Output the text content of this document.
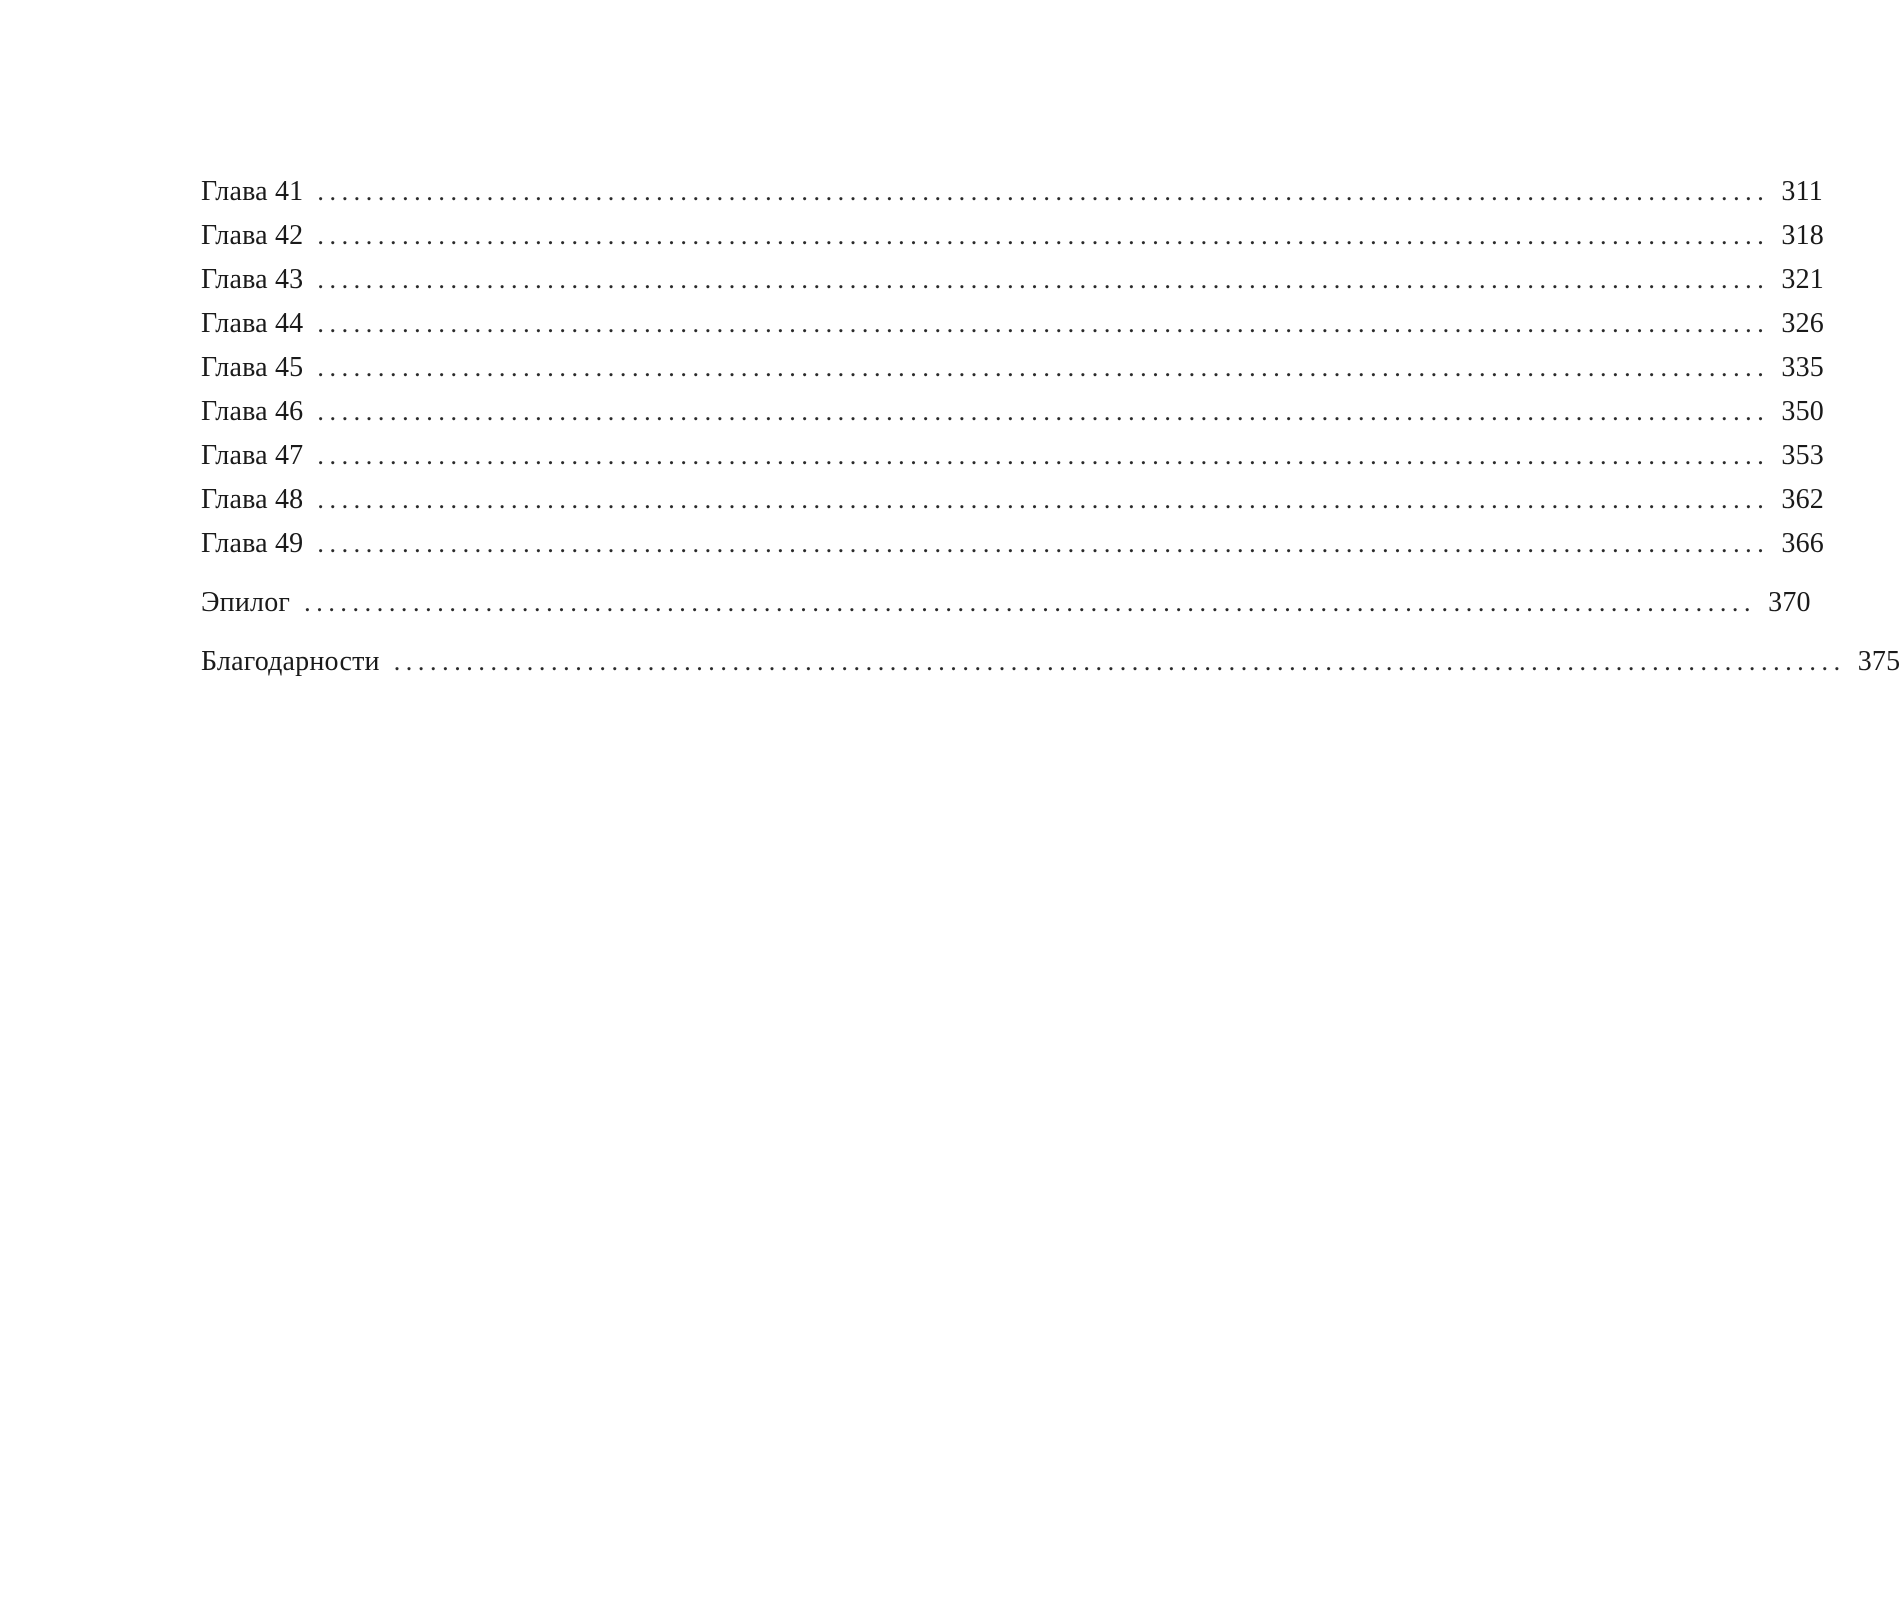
Глава 41 ........................................................................................................................ 311
Глава 42 ........................................................................................................................ 318
Глава 43 ........................................................................................................................ 321
Глава 44 ........................................................................................................................ 326
Глава 45 ........................................................................................................................ 335
Глава 46 ........................................................................................................................ 350
Глава 47 ........................................................................................................................ 353
Глава 48 ........................................................................................................................ 362
Глава 49 ........................................................................................................................ 366
Эпилог ........................................................................................................................ 370
Благодарности ........................................................................................................................ 375
